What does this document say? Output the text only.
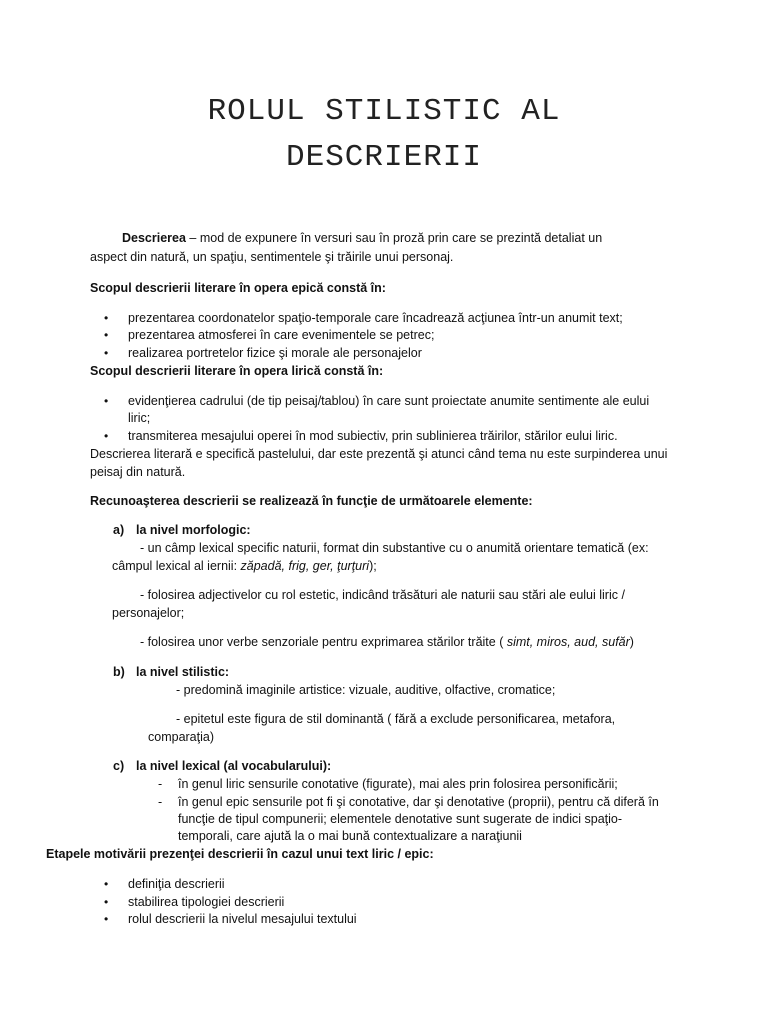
ROLUL STILISTIC AL
DESCRIERII
Descrierea – mod de expunere în versuri sau în proză prin care se prezintă detaliat un
aspect din natură, un spaţiu, sentimentele şi trăirile unui personaj.
Scopul descrierii literare în opera epică constă în:
•
prezentarea coordonatelor spaţio-temporale care încadrează acţiunea într-un anumit text;
•
prezentarea atmosferei în care evenimentele se petrec;
•
realizarea portretelor fizice şi morale ale personajelor
Scopul descrierii literare în opera lirică constă în:
•
evidenţierea cadrului (de tip peisaj/tablou) în care sunt proiectate anumite sentimente ale eului
liric;
•
transmiterea mesajului operei în mod subiectiv, prin sublinierea trăirilor, stărilor eului liric.
Descrierea literară e specifică pastelului, dar este prezentă şi atunci când tema nu este surpinderea unui
peisaj din natură.
Recunoaşterea descrierii se realizează în funcţie de următoarele elemente:
a) la nivel morfologic:
- un câmp lexical specific naturii, format din substantive cu o anumită orientare tematică (ex:
câmpul lexical al iernii: zăpadă, frig, ger, ţurţuri);
- folosirea adjectivelor cu rol estetic, indicând trăsături ale naturii sau stări ale eului liric /
personajelor;
- folosirea unor verbe senzoriale pentru exprimarea stărilor trăite ( simt, miros, aud, sufăr)
b) la nivel stilistic:
- predomină imaginile artistice: vizuale, auditive, olfactive, cromatice;
- epitetul este figura de stil dominantă ( fără a exclude personificarea, metafora,
comparaţia)
c) la nivel lexical (al vocabularului):
- în genul liric sensurile conotative (figurate), mai ales prin folosirea personificării;
- în genul epic sensurile pot fi şi conotative, dar şi denotative (proprii), pentru că diferă în
funcţie de tipul compunerii; elementele denotative sunt sugerate de indici spaţio-
temporali, care ajută la o mai bună contextualizare a naraţiunii
Etapele motivării prezenţei descrierii în cazul unui text liric / epic:
•
definiţia descrierii
•
stabilirea tipologiei descrierii
•
rolul descrierii la nivelul mesajului textului
